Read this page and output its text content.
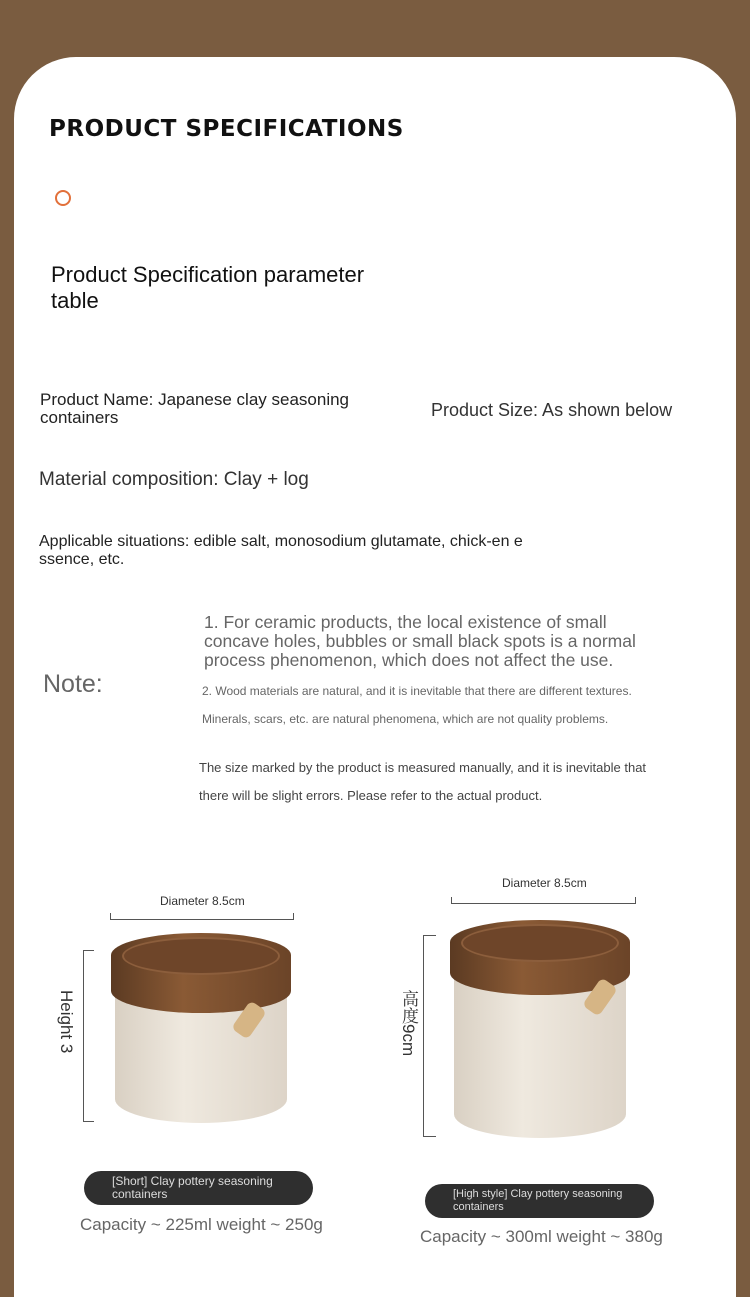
PRODUCT SPECIFICATIONS
Product Specification parameter table
Product Name: Japanese clay seasoning containers	Product Size: As shown below
Material composition: Clay + log
Applicable situations: edible salt, monosodium glutamate, chick-en essence, etc.
Note:
1. For ceramic products, the local existence of small concave holes, bubbles or small black spots is a normal process phenomenon, which does not affect the use.
2. Wood materials are natural, and it is inevitable that there are different textures.
Minerals, scars, etc. are natural phenomena, which are not quality problems.
The size marked by the product is measured manually, and it is inevitable that
there will be slight errors. Please refer to the actual product.
Diameter 8.5cm
Height 3
[Short] Clay pottery seasoning containers
Capacity ~ 225ml weight ~ 250g
Diameter 8.5cm
高度9cm
[High style] Clay pottery seasoning containers
Capacity ~ 300ml weight ~ 380g
